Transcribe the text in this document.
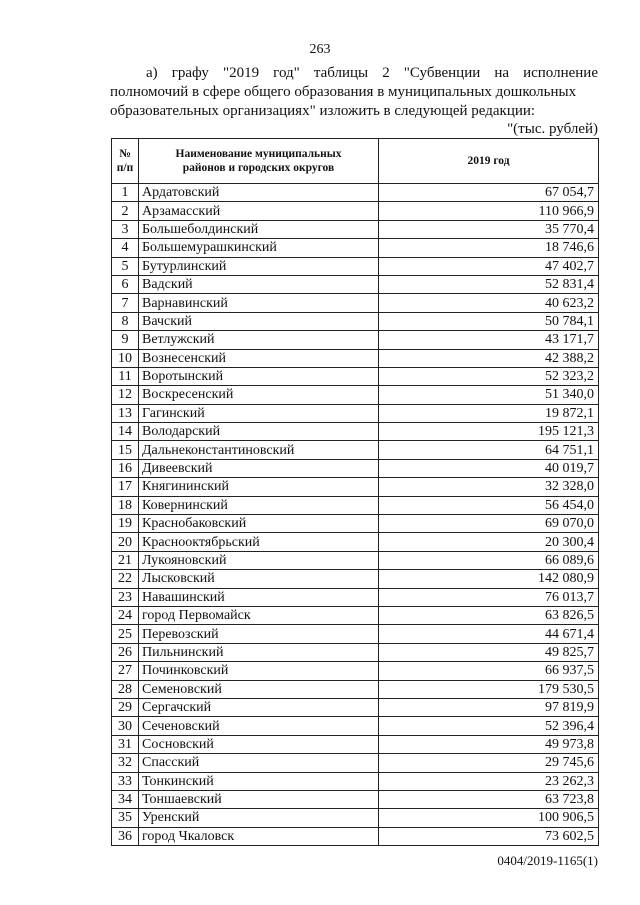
263
а) графу "2019 год" таблицы 2 "Субвенции на исполнение
полномочий в сфере общего образования в муниципальных дошкольных
образовательных организациях" изложить в следующей редакции:
"(тыс. рублей)
№ п/п	Наименование муниципальных районов и городских округов	2019 год
1	Ардатовский	67 054,7
2	Арзамасский	110 966,9
3	Большеболдинский	35 770,4
4	Большемурашкинский	18 746,6
5	Бутурлинский	47 402,7
6	Вадский	52 831,4
7	Варнавинский	40 623,2
8	Вачский	50 784,1
9	Ветлужский	43 171,7
10	Вознесенский	42 388,2
11	Воротынский	52 323,2
12	Воскресенский	51 340,0
13	Гагинский	19 872,1
14	Володарский	195 121,3
15	Дальнеконстантиновский	64 751,1
16	Дивеевский	40 019,7
17	Княгининский	32 328,0
18	Ковернинский	56 454,0
19	Краснобаковский	69 070,0
20	Краснооктябрьский	20 300,4
21	Лукояновский	66 089,6
22	Лысковский	142 080,9
23	Навашинский	76 013,7
24	город Первомайск	63 826,5
25	Перевозский	44 671,4
26	Пильнинский	49 825,7
27	Починковский	66 937,5
28	Семеновский	179 530,5
29	Сергачский	97 819,9
30	Сеченовский	52 396,4
31	Сосновский	49 973,8
32	Спасский	29 745,6
33	Тонкинский	23 262,3
34	Тоншаевский	63 723,8
35	Уренский	100 906,5
36	город Чкаловск	73 602,5
0404/2019-1165(1)
